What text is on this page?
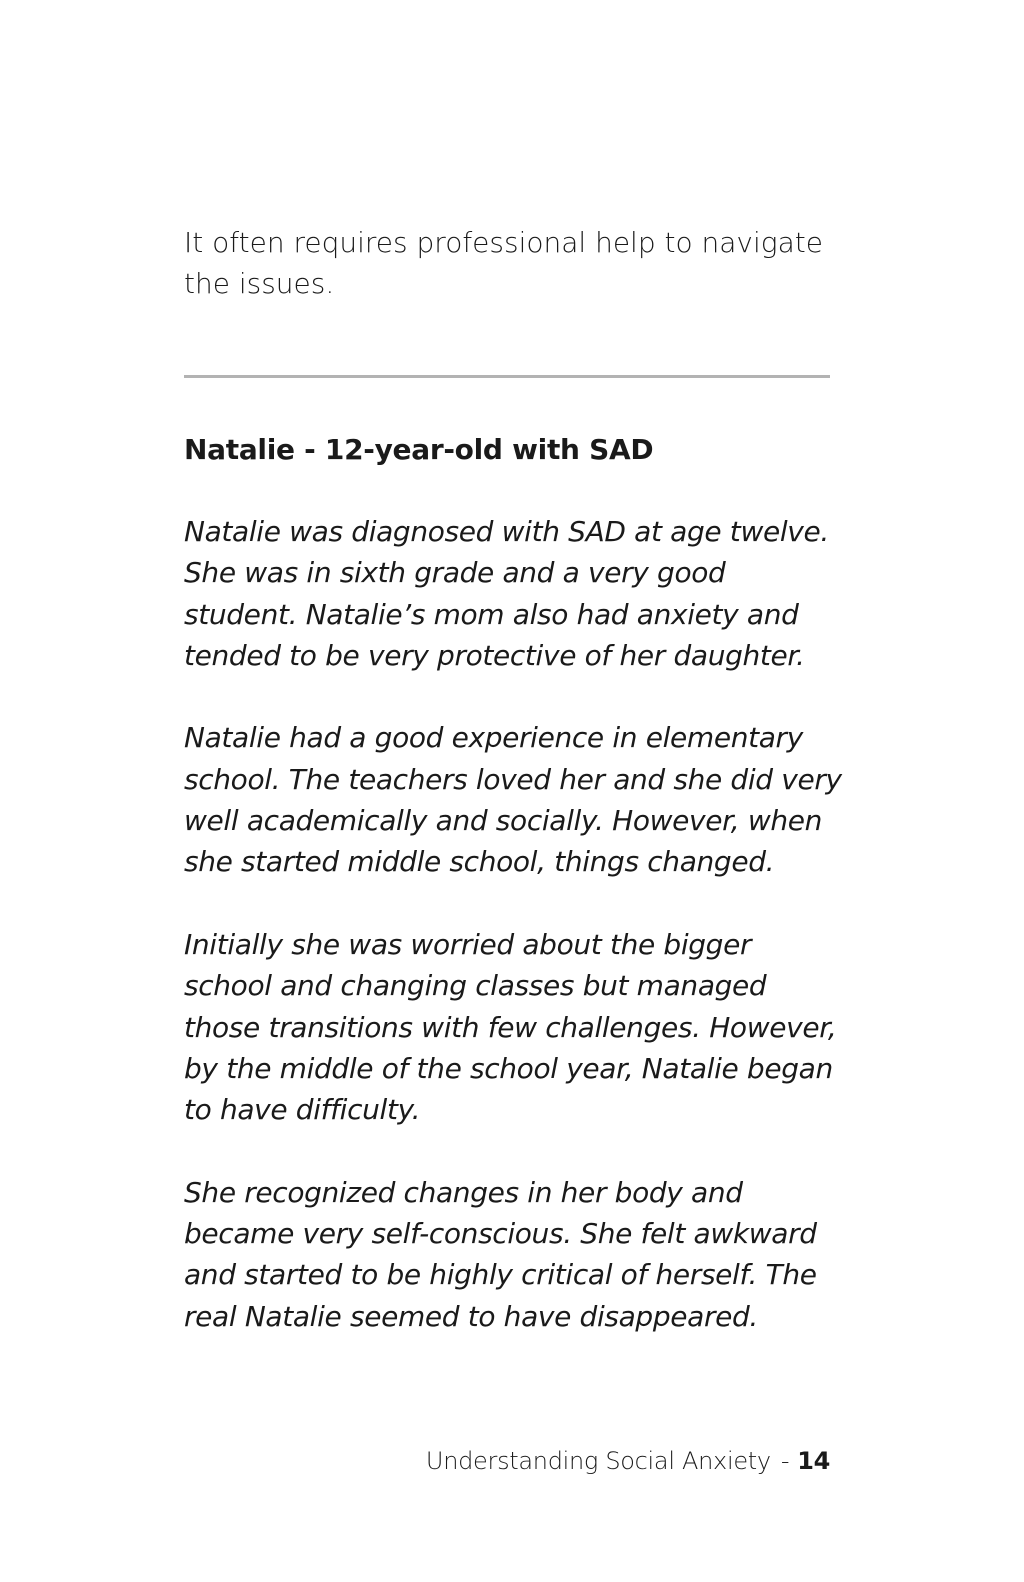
It often requires professional help to navigate the issues.

Natalie - 12-year-old with SAD

Natalie was diagnosed with SAD at age twelve. She was in sixth grade and a very good student. Natalie’s mom also had anxiety and tended to be very protective of her daughter.

Natalie had a good experience in elementary school. The teachers loved her and she did very well academically and socially. However, when she started middle school, things changed.

Initially she was worried about the bigger school and changing classes but managed those transitions with few challenges. However, by the middle of the school year, Natalie began to have difficulty.

She recognized changes in her body and became very self-conscious. She felt awkward and started to be highly critical of herself. The real Natalie seemed to have disappeared.

Understanding Social Anxiety - 14
